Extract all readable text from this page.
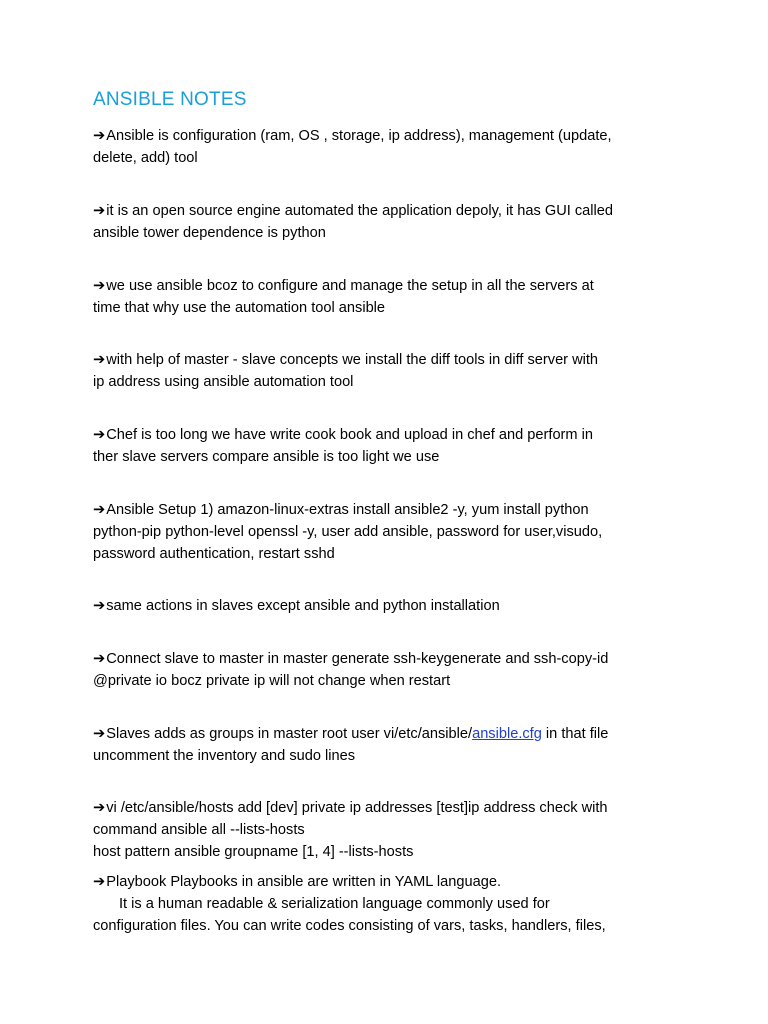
ANSIBLE NOTES
➔Ansible is configuration (ram, OS , storage, ip address), management (update,
delete, add) tool
➔it is an open source engine automated the application depoly, it has GUI called
ansible tower dependence is python
➔we use ansible bcoz to configure and manage the setup in all the servers at
time that why use the automation tool ansible
➔with help of master - slave concepts we install the diff tools in diff server with
ip address using ansible automation tool
➔Chef is too long we have write cook book and upload in chef and perform in
ther slave servers compare ansible is too light we use
➔Ansible Setup 1) amazon-linux-extras install ansible2 -y, yum install python
python-pip python-level openssl -y, user add ansible, password for user,visudo,
password authentication, restart sshd
➔same actions in slaves except ansible and python installation
➔Connect slave to master in master generate ssh-keygenerate and ssh-copy-id
@private io bocz private ip will not change when restart
➔Slaves adds as groups in master root user vi/etc/ansible/ansible.cfg in that file
uncomment the inventory and sudo lines
➔vi /etc/ansible/hosts add [dev] private ip addresses [test]ip address check with
command ansible all --lists-hosts
host pattern ansible groupname [1, 4] --lists-hosts
➔Playbook Playbooks in ansible are written in YAML language.
It is a human readable & serialization language commonly used for
configuration files. You can write codes consisting of vars, tasks, handlers, files,
